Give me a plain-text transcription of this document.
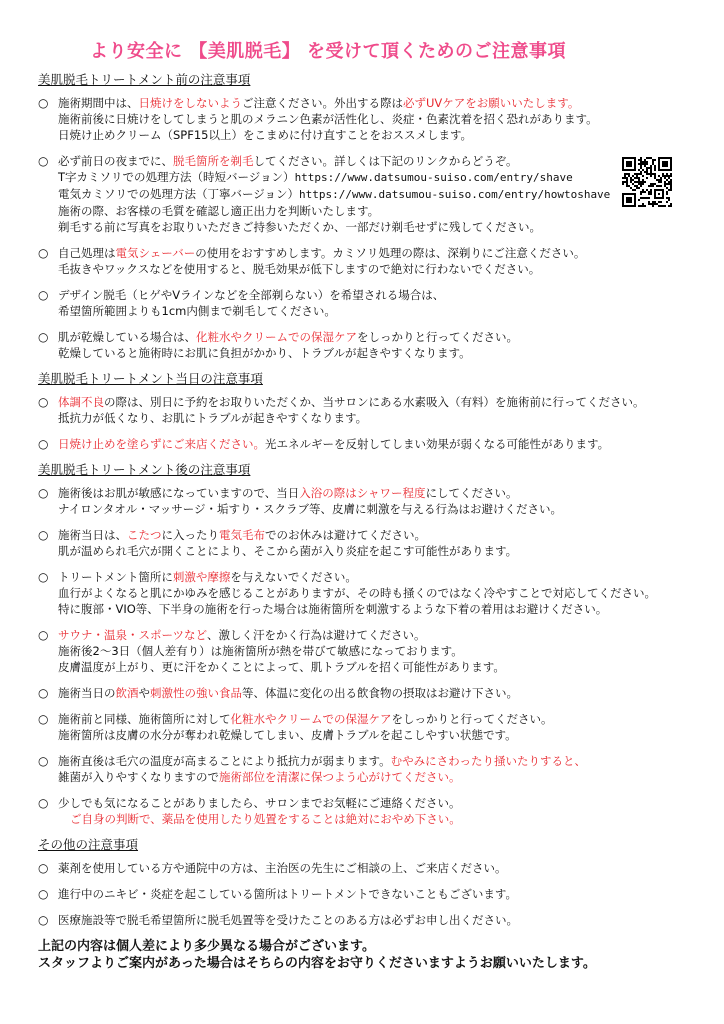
より安全に 【美肌脱毛】 を受けて頂くためのご注意事項
美肌脱毛トリートメント前の注意事項
○ 施術期間中は、日焼けをしないようご注意ください。外出する際は必ずUVケアをお願いいたします。
施術前後に日焼けをしてしまうと肌のメラニン色素が活性化し、炎症・色素沈着を招く恐れがあります。
日焼け止めクリーム（SPF15以上）をこまめに付け直すことをおススメします。
○ 必ず前日の夜までに、脱毛箇所を剃毛してください。詳しくは下記のリンクからどうぞ。
T字カミソリでの処理方法（時短バージョン）https://www.datsumou-suiso.com/entry/shave
電気カミソリでの処理方法（丁寧バージョン）https://www.datsumou-suiso.com/entry/howtoshave
施術の際、お客様の毛質を確認し適正出力を判断いたします。
剃毛する前に写真をお取りいただきご持参いただくか、一部だけ剃毛せずに残してください。
○ 自己処理は電気シェーバーの使用をおすすめします。カミソリ処理の際は、深剃りにご注意ください。
毛抜きやワックスなどを使用すると、脱毛効果が低下しますので絶対に行わないでください。
○ デザイン脱毛（ヒゲやVラインなどを全部剃らない）を希望される場合は、
希望箇所範囲よりも1cm内側まで剃毛してください。
○ 肌が乾燥している場合は、化粧水やクリームでの保湿ケアをしっかりと行ってください。
乾燥していると施術時にお肌に負担がかかり、トラブルが起きやすくなります。
美肌脱毛トリートメント当日の注意事項
○ 体調不良の際は、別日に予約をお取りいただくか、当サロンにある水素吸入（有料）を施術前に行ってください。
抵抗力が低くなり、お肌にトラブルが起きやすくなります。
○ 日焼け止めを塗らずにご来店ください。光エネルギーを反射してしまい効果が弱くなる可能性があります。
美肌脱毛トリートメント後の注意事項
○ 施術後はお肌が敏感になっていますので、当日入浴の際はシャワー程度にしてください。
ナイロンタオル・マッサージ・垢すり・スクラブ等、皮膚に刺激を与える行為はお避けください。
○ 施術当日は、こたつに入ったり電気毛布でのお休みは避けてください。
肌が温められ毛穴が開くことにより、そこから菌が入り炎症を起こす可能性があります。
○ トリートメント箇所に刺激や摩擦を与えないでください。
血行がよくなると肌にかゆみを感じることがありますが、その時も掻くのではなく冷やすことで対応してください。
特に腹部・VIO等、下半身の施術を行った場合は施術箇所を刺激するような下着の着用はお避けください。
○ サウナ・温泉・スポーツなど、激しく汗をかく行為は避けてください。
施術後2～3日（個人差有り）は施術箇所が熱を帯びて敏感になっております。
皮膚温度が上がり、更に汗をかくことによって、肌トラブルを招く可能性があります。
○ 施術当日の飲酒や刺激性の強い食品等、体温に変化の出る飲食物の摂取はお避け下さい。
○ 施術前と同様、施術箇所に対して化粧水やクリームでの保湿ケアをしっかりと行ってください。
施術箇所は皮膚の水分が奪われ乾燥してしまい、皮膚トラブルを起こしやすい状態です。
○ 施術直後は毛穴の温度が高まることにより抵抗力が弱まります。むやみにさわったり掻いたりすると、
雑菌が入りやすくなりますので施術部位を清潔に保つよう心がけてください。
○ 少しでも気になることがありましたら、サロンまでお気軽にご連絡ください。
ご自身の判断で、薬品を使用したり処置をすることは絶対におやめ下さい。
その他の注意事項
○ 薬剤を使用している方や通院中の方は、主治医の先生にご相談の上、ご来店ください。
○ 進行中のニキビ・炎症を起こしている箇所はトリートメントできないこともございます。
○ 医療施設等で脱毛希望箇所に脱毛処置等を受けたことのある方は必ずお申し出ください。
上記の内容は個人差により多少異なる場合がございます。
スタッフよりご案内があった場合はそちらの内容をお守りくださいますようお願いいたします。
